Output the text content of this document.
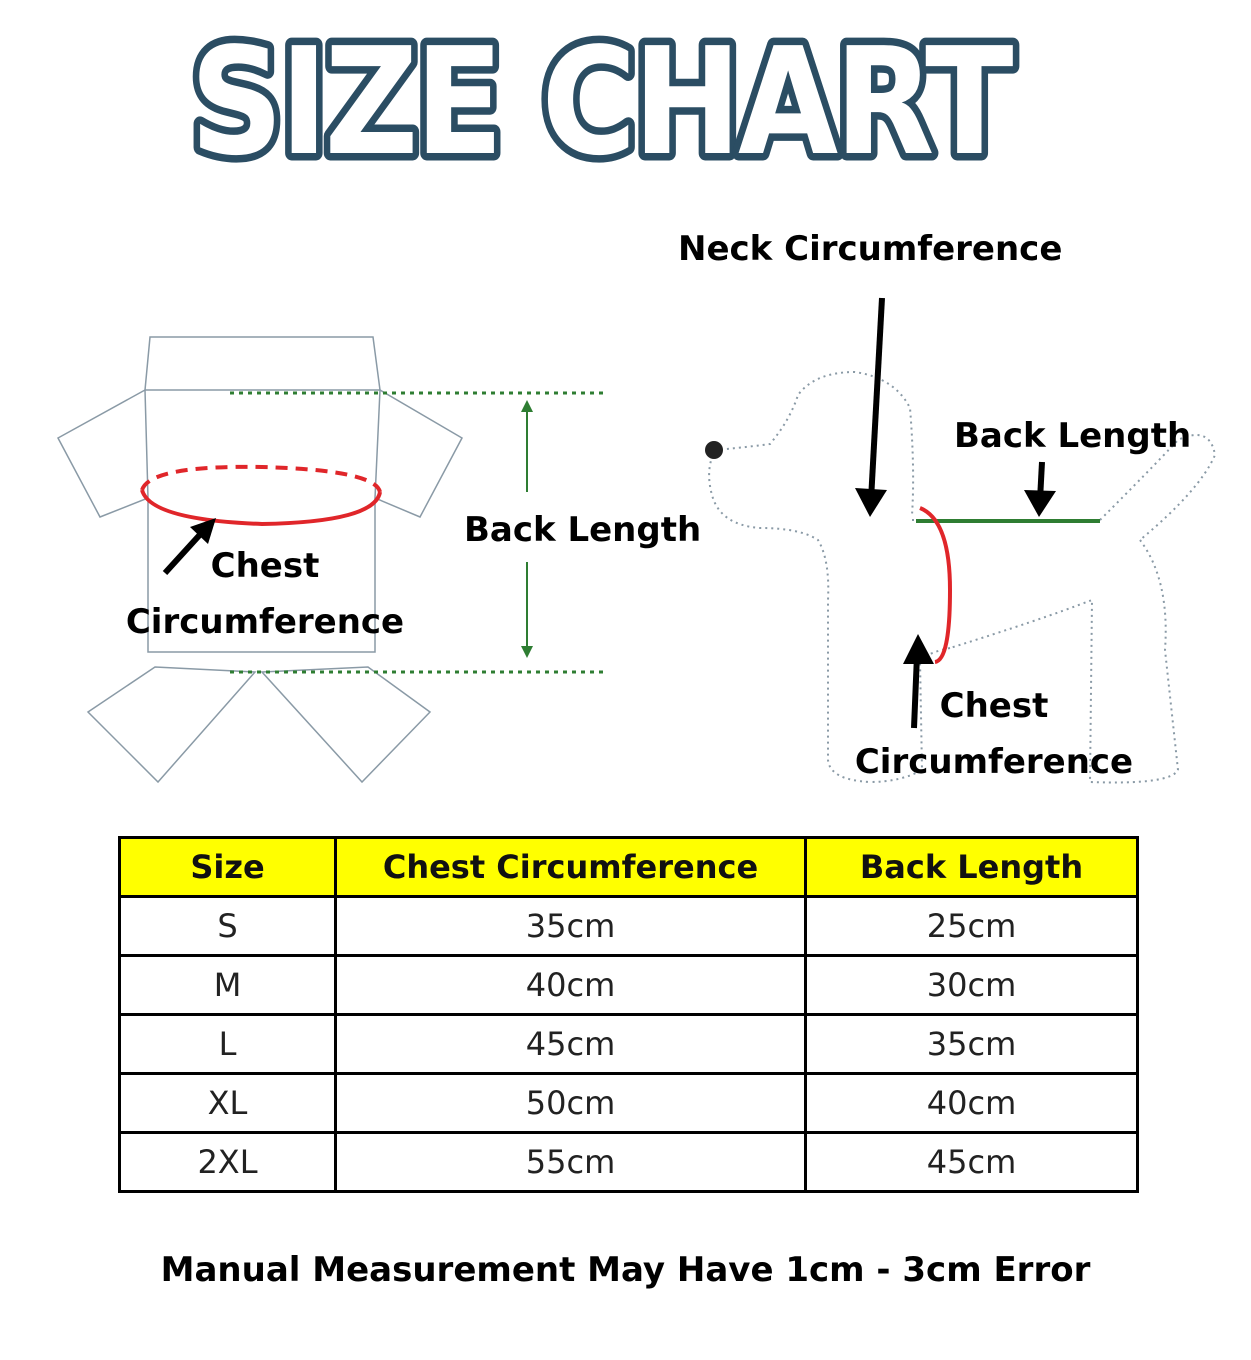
SIZE CHART
Neck Circumference
Back Length
Back Length
Chest
Circumference
Chest
Circumference
Size	Chest Circumference	Back Length
S	35cm	25cm
M	40cm	30cm
L	45cm	35cm
XL	50cm	40cm
2XL	55cm	45cm
Manual Measurement May Have 1cm - 3cm Error
